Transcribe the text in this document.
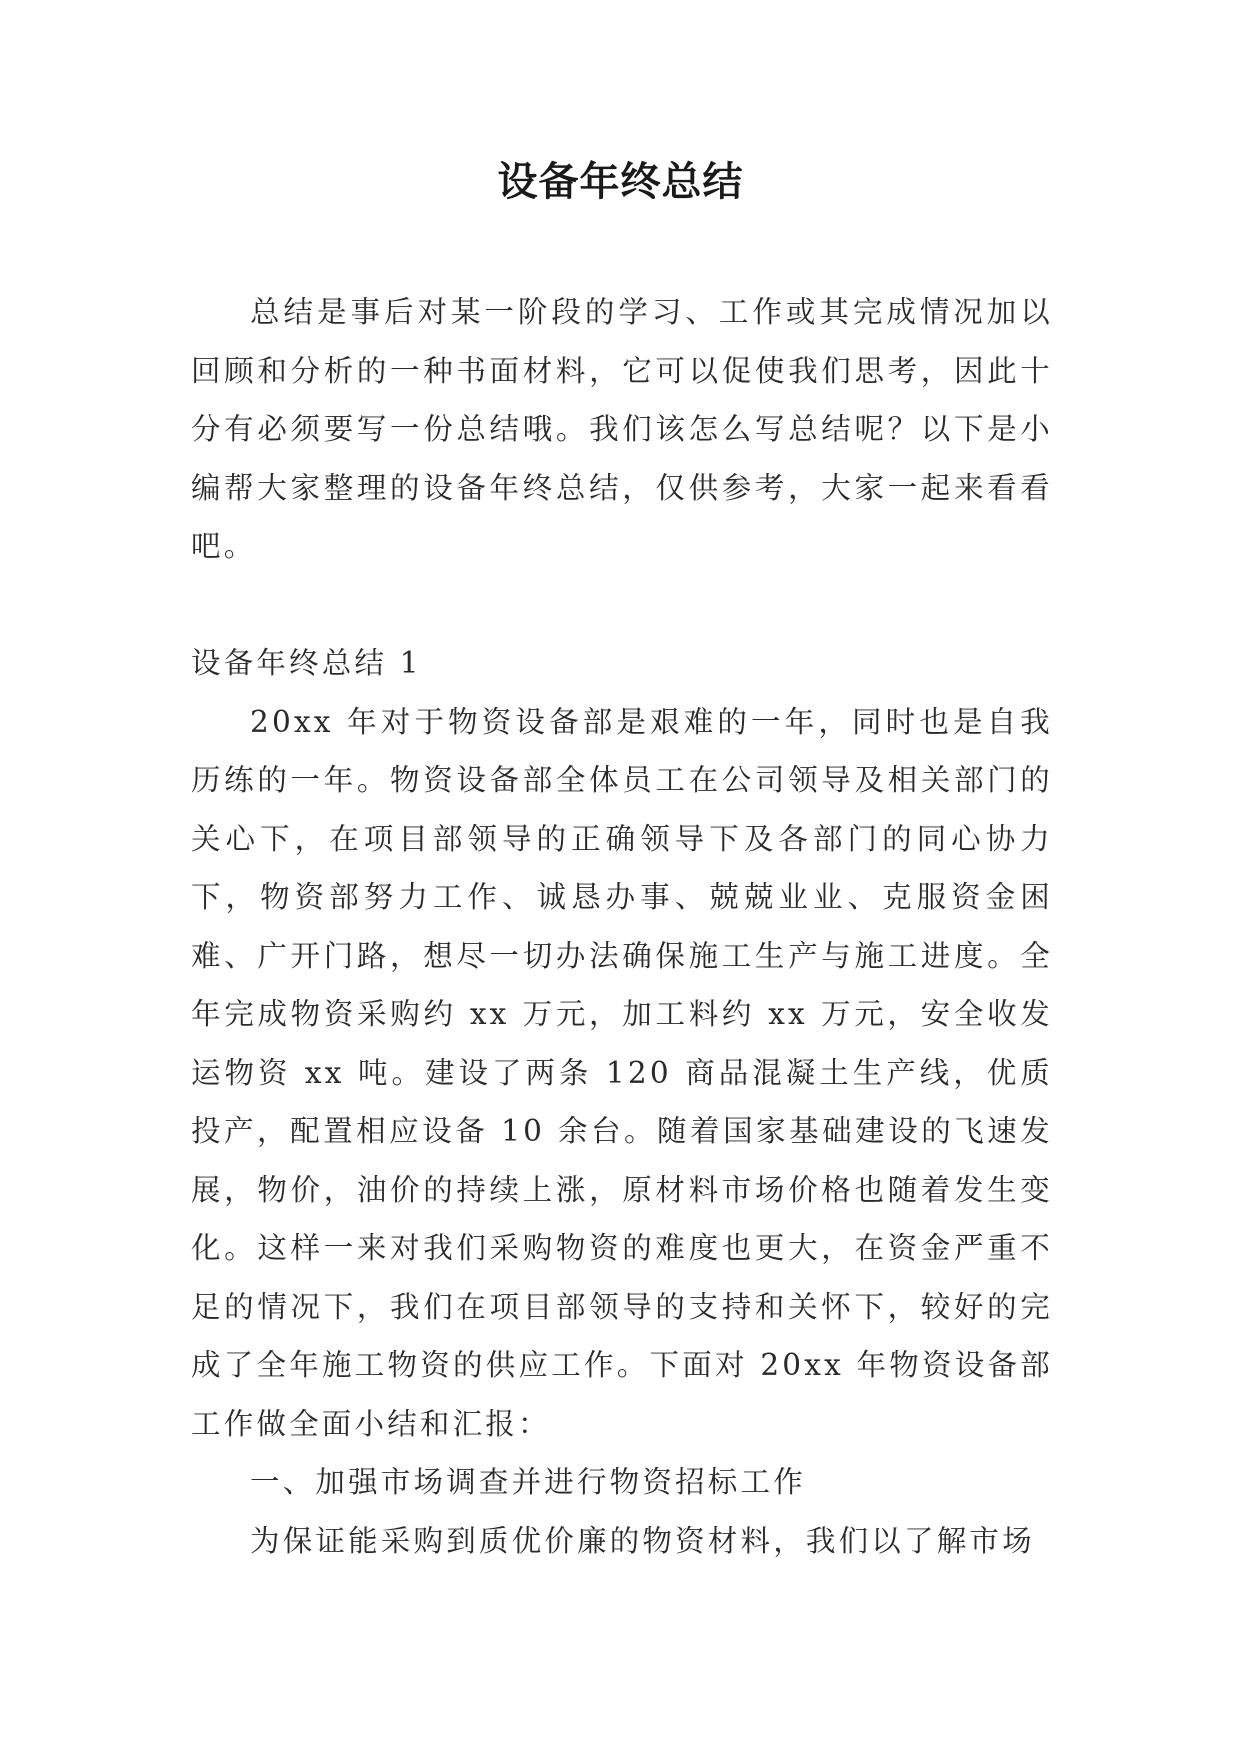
设备年终总结

总结是事后对某一阶段的学习、工作或其完成情况加以回顾和分析的一种书面材料，它可以促使我们思考，因此十分有必须要写一份总结哦。我们该怎么写总结呢？以下是小编帮大家整理的设备年终总结，仅供参考，大家一起来看看吧。

设备年终总结 1

20xx 年对于物资设备部是艰难的一年，同时也是自我历练的一年。物资设备部全体员工在公司领导及相关部门的关心下，在项目部领导的正确领导下及各部门的同心协力下，物资部努力工作、诚恳办事、兢兢业业、克服资金困难、广开门路，想尽一切办法确保施工生产与施工进度。全年完成物资采购约 xx 万元，加工料约 xx 万元，安全收发运物资 xx 吨。建设了两条 120 商品混凝土生产线，优质投产，配置相应设备 10 余台。随着国家基础建设的飞速发展，物价，油价的持续上涨，原材料市场价格也随着发生变化。这样一来对我们采购物资的难度也更大，在资金严重不足的情况下，我们在项目部领导的支持和关怀下，较好的完成了全年施工物资的供应工作。下面对 20xx 年物资设备部工作做全面小结和汇报：

一、加强市场调查并进行物资招标工作

为保证能采购到质优价廉的物资材料，我们以了解市场
